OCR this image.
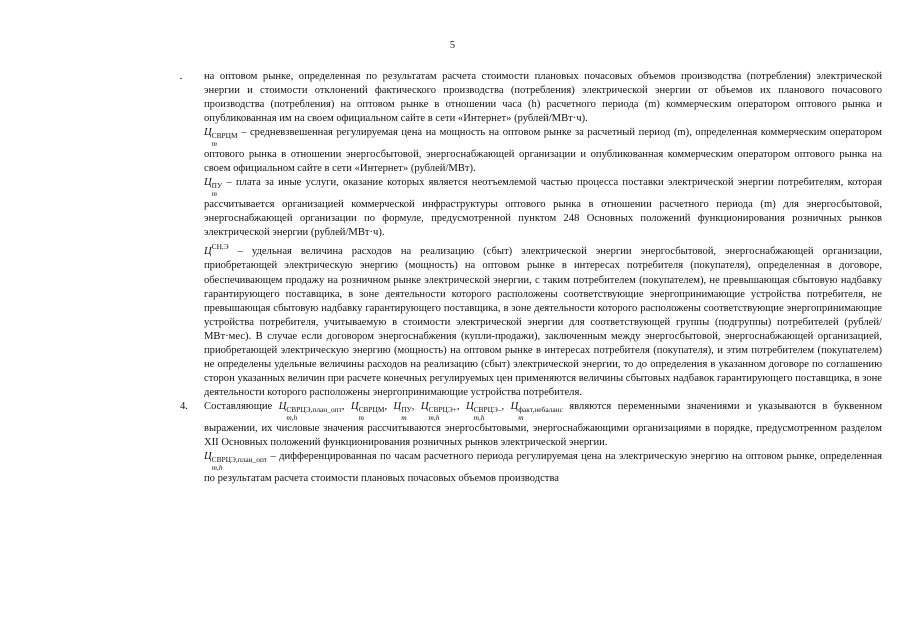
5

на оптовом рынке, определенная по результатам расчета стоимости плановых почасовых объемов производства (потребления) электрической энергии и стоимости отклонений фактического производства (потребления) электрической энергии от объемов их планового почасового производства (потребления) на оптовом рынке в отношении часа (h) расчетного периода (m) коммерческим оператором оптового рынка и опубликованная им на своем официальном сайте в сети «Интернет» (рублей/МВт·ч).

Ц СВРЦМ
m
– средневзвешенная регулируемая цена на мощность на оптовом рынке за расчетный период (m), определенная коммерческим оператором оптового рынка в отношении энергосбытовой, энергоснабжающей организации и опубликованная коммерческим оператором оптового рынка на своем официальном сайте в сети «Интернет» (рублей/МВт).

Ц ПУ
m
– плата за иные услуги, оказание которых является неотъемлемой частью процесса поставки электрической энергии потребителям, которая рассчитывается организацией коммерческой инфраструктуры оптового рынка в отношении расчетного периода (m) для энергосбытовой, энергоснабжающей организации по формуле, предусмотренной пунктом 248 Основных положений функционирования розничных рынков электрической энергии (рублей/МВт·ч).

$Ц^{СН,Э}$ – удельная величина расходов на реализацию (сбыт) электрической энергии энергосбытовой, энергоснабжающей организации, приобретающей электрическую энергию (мощность) на оптовом рынке в интересах потребителя (покупателя), определенная в договоре, обеспечивающем продажу на розничном рынке электрической энергии, с таким потребителем (покупателем), не превышающая сбытовую надбавку гарантирующего поставщика, в зоне деятельности которого расположены соответствующие энергопринимающие устройства потребителя, не превышающая сбытовую надбавку гарантирующего поставщика, в зоне деятельности которого расположены соответствующие энергопринимающие устройства потребителя, учитываемую в стоимости электрической энергии для соответствующей группы (подгруппы) потребителей (рублей/МВт·мес). В случае если договором энергоснабжения (купли-продажи), заключенным между энергосбытовой, энергоснабжающей организацией, приобретающей электрическую энергию (мощность) на оптовом рынке в интересах потребителя (покупателя), и этим потребителем (покупателем) не определены удельные величины расходов на реализацию (сбыт) электрической энергии, то до определения в указанном договоре по соглашению сторон указанных величин при расчете конечных регулируемых цен применяются величины сбытовых надбавок гарантирующего поставщика, в зоне деятельности которого расположены энергопринимающие устройства потребителя.

4. Составляющие Ц СВРЦЭ,план_опт
m,h
, Ц СВРЦМ
m
, Ц ПУ
m
, Ц СВРЦЭ+
m,h
, Ц СВРЦЭ–
m,h
, Ц факт,небаланс
m
являются переменными значениями и указываются в буквенном выражении, их числовые значения рассчитываются энергосбытовыми, энергоснабжающими организациями в порядке, предусмотренном разделом XII Основных положений функционирования розничных рынков электрической энергии.

Ц СВРЦЭ,план_опт
m,h
– дифференцированная по часам расчетного периода регулируемая цена на электрическую энергию на оптовом рынке, определенная по результатам расчета стоимости плановых почасовых объемов производства
